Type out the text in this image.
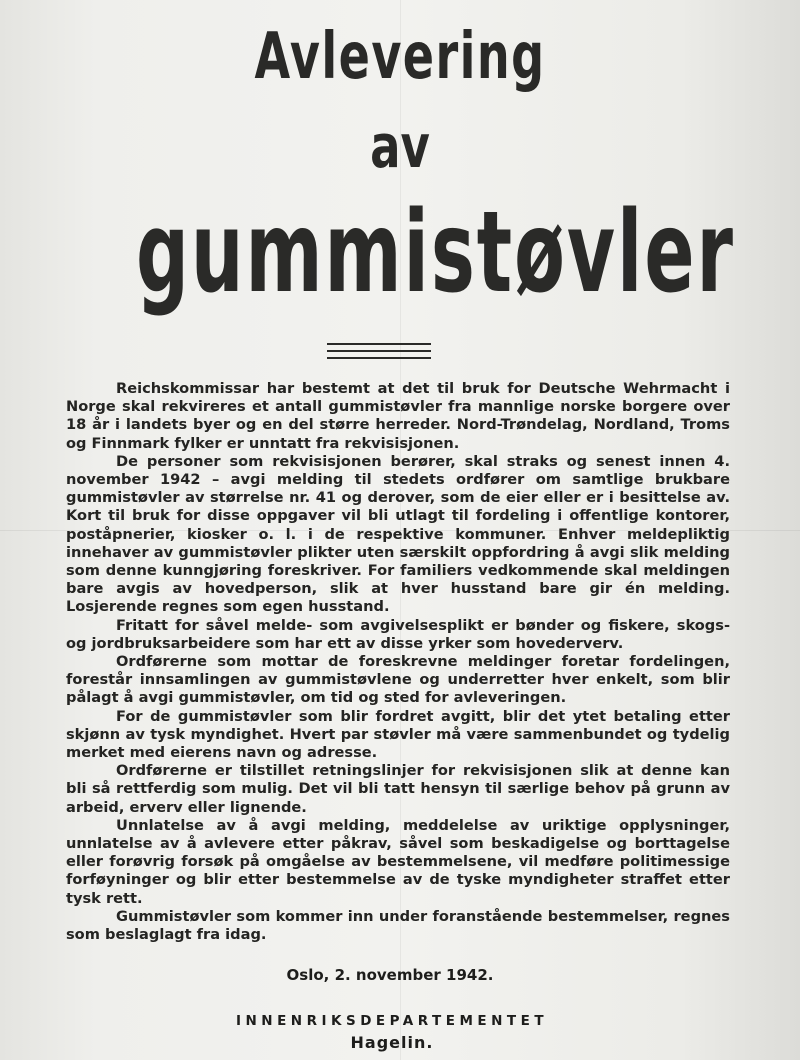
Avlevering
av
gummistøvler

Reichskommissar har bestemt at det til bruk for Deutsche Wehrmacht i Norge skal rekvireres et antall gummistøvler fra mannlige norske borgere over 18 år i landets byer og en del større herreder. Nord-Trøndelag, Nordland, Troms og Finnmark fylker er unntatt fra rekvisisjonen.

De personer som rekvisisjonen berører, skal straks og senest innen 4. november 1942 – avgi melding til stedets ordfører om samtlige brukbare gummistøvler av størrelse nr. 41 og derover, som de eier eller er i besittelse av. Kort til bruk for disse oppgaver vil bli utlagt til fordeling i offentlige kontorer, poståpnerier, kiosker o. l. i de respektive kommuner. Enhver meldepliktig innehaver av gummistøvler plikter uten særskilt oppfordring å avgi slik melding som denne kunngjøring foreskriver. For familiers vedkommende skal meldingen bare avgis av hovedperson, slik at hver husstand bare gir én melding. Losjerende regnes som egen husstand.

Fritatt for såvel melde- som avgivelsesplikt er bønder og fiskere, skogs- og jordbruksarbeidere som har ett av disse yrker som hovederverv.

Ordførerne som mottar de foreskrevne meldinger foretar fordelingen, forestår innsamlingen av gummistøvlene og underretter hver enkelt, som blir pålagt å avgi gummistøvler, om tid og sted for avleveringen.

For de gummistøvler som blir fordret avgitt, blir det ytet betaling etter skjønn av tysk myndighet. Hvert par støvler må være sammenbundet og tydelig merket med eierens navn og adresse.

Ordførerne er tilstillet retningslinjer for rekvisisjonen slik at denne kan bli så rettferdig som mulig. Det vil bli tatt hensyn til særlige behov på grunn av arbeid, erverv eller lignende.

Unnlatelse av å avgi melding, meddelelse av uriktige opplysninger, unnlatelse av å avlevere etter påkrav, såvel som beskadigelse og borttagelse eller forøvrig forsøk på omgåelse av bestemmelsene, vil medføre politimessige forføyninger og blir etter bestemmelse av de tyske myndigheter straffet etter tysk rett.

Gummistøvler som kommer inn under foranstående bestemmelser, regnes som beslaglagt fra idag.

Oslo, 2. november 1942.
INNENRIKSDEPARTEMENTET
Hagelin.
